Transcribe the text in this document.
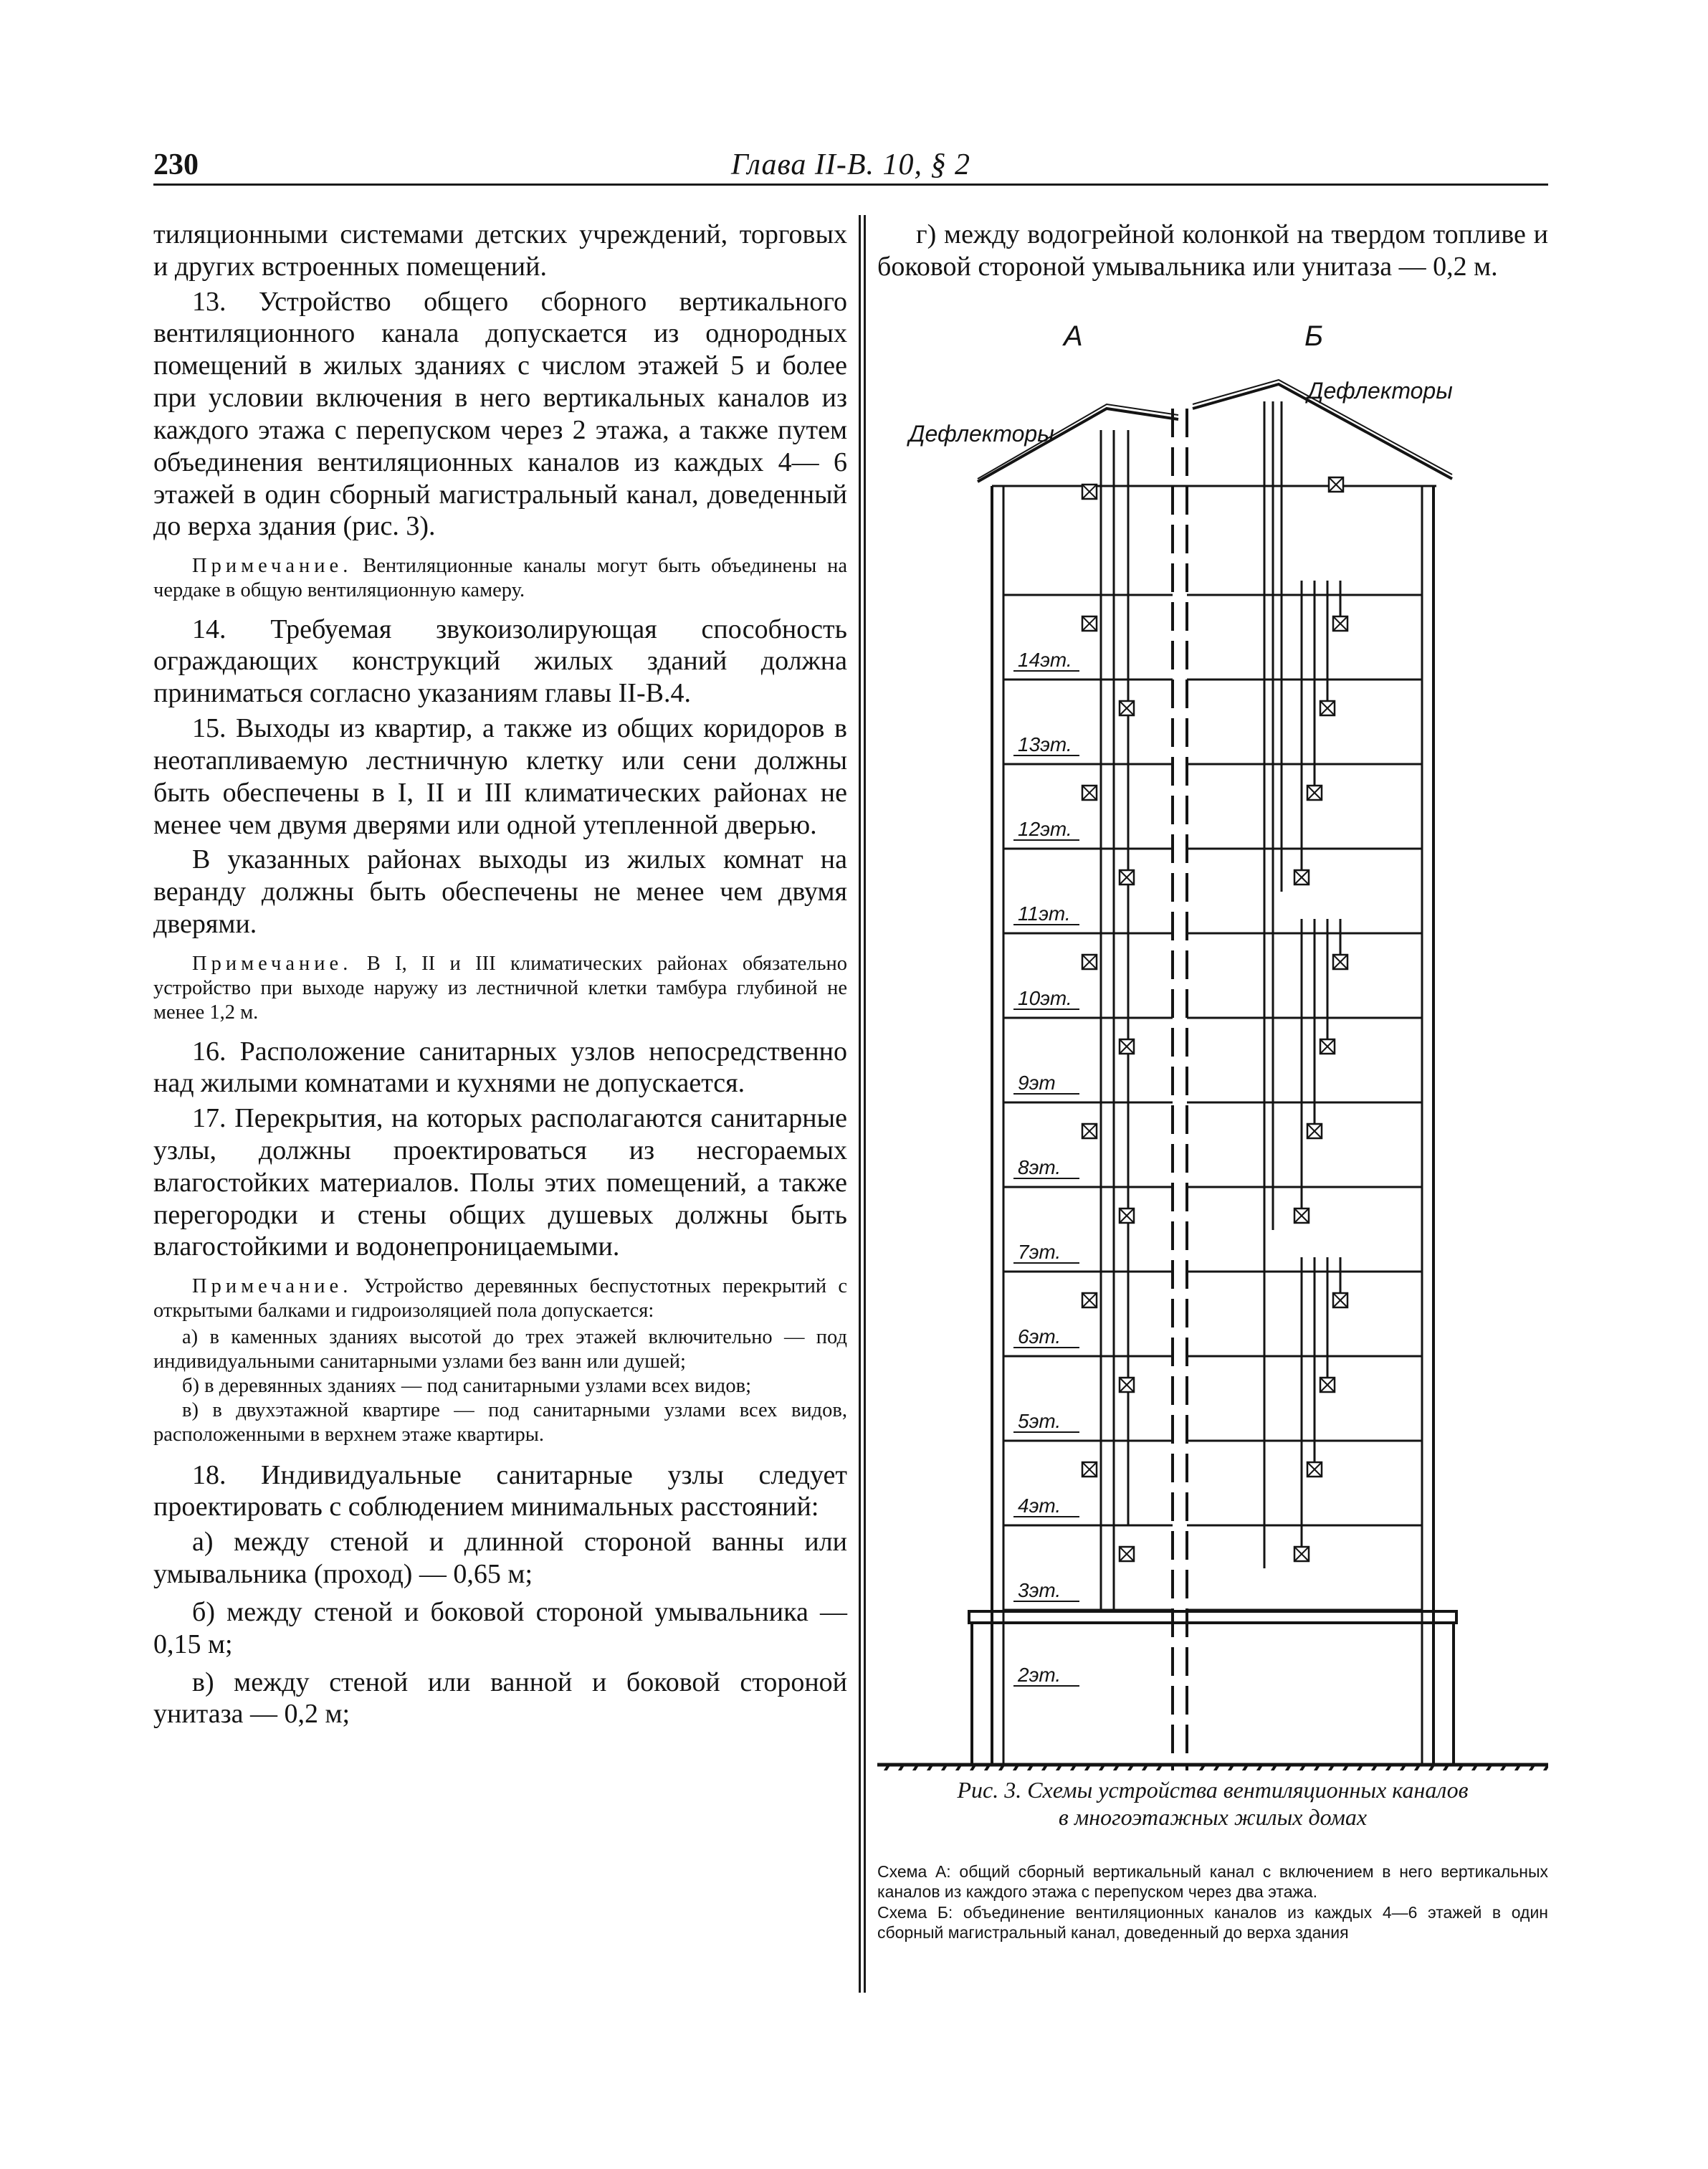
230	Глава II-В. 10, § 2

тиляционными системами детских учреждений, торговых и других встроенных помещений.

13. Устройство общего сборного вертикального вентиляционного канала допускается из однородных помещений в жилых зданиях с числом этажей 5 и более при условии включения в него вертикальных каналов из каждого этажа с перепуском через 2 этажа, а также путем объединения вентиляционных каналов из каждых 4— 6 этажей в один сборный магистральный канал, доведенный до верха здания (рис. 3).

Примечание. Вентиляционные каналы могут быть объединены на чердаке в общую вентиляционную камеру.

14. Требуемая звукоизолирующая способность ограждающих конструкций жилых зданий должна приниматься согласно указаниям главы II-В.4.

15. Выходы из квартир, а также из общих коридоров в неотапливаемую лестничную клетку или сени должны быть обеспечены в I, II и III климатических районах не менее чем двумя дверями или одной утепленной дверью.

В указанных районах выходы из жилых комнат на веранду должны быть обеспечены не менее чем двумя дверями.

Примечание. В I, II и III климатических районах обязательно устройство при выходе наружу из лестничной клетки тамбура глубиной не менее 1,2 м.

16. Расположение санитарных узлов непосредственно над жилыми комнатами и кухнями не допускается.

17. Перекрытия, на которых располагаются санитарные узлы, должны проектироваться из несгораемых влагостойких материалов. Полы этих помещений, а также перегородки и стены общих душевых должны быть влагостойкими и водонепроницаемыми.

Примечание. Устройство деревянных беспустотных перекрытий с открытыми балками и гидроизоляцией пола допускается:

а) в каменных зданиях высотой до трех этажей включительно — под индивидуальными санитарными узлами без ванн или душей;

б) в деревянных зданиях — под санитарными узлами всех видов;

в) в двухэтажной квартире — под санитарными узлами всех видов, расположенными в верхнем этаже квартиры.

18. Индивидуальные санитарные узлы следует проектировать с соблюдением минимальных расстояний:

а) между стеной и длинной стороной ванны или умывальника (проход) — 0,65 м;

б) между стеной и боковой стороной умывальника — 0,15 м;

в) между стеной или ванной и боковой стороной унитаза — 0,2 м;

г) между водогрейной колонкой на твердом топливе и боковой стороной умывальника или унитаза — 0,2 м.

А	Б
Дефлекторы
Дефлекторы
14эт.
13эт.
12эт.
11эт.
10эт.
9эт
8эт.
7эт.
6эт.
5эт.
4эт.
3эт.
2эт.
Рис. 3. Схемы устройства вентиляционных каналов
в многоэтажных жилых домах

Схема А: общий сборный вертикальный канал с включением в него вертикальных каналов из каждого этажа с перепуском через два этажа.

Схема Б: объединение вентиляционных каналов из каждых 4—6 этажей в один сборный магистральный канал, доведенный до верха здания
